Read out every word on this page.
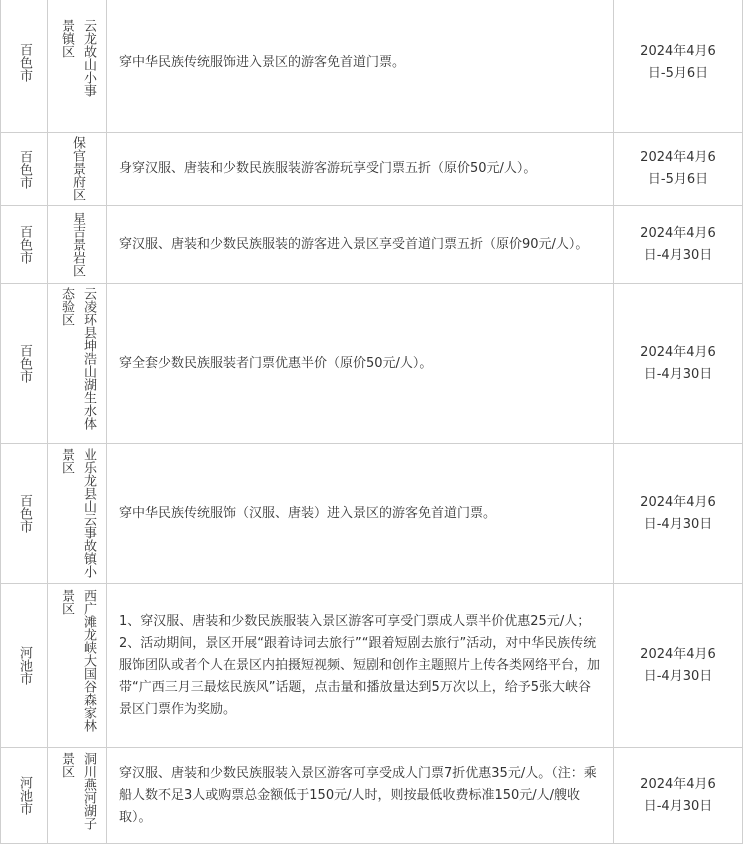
百色市	云龙故山小事景镇区	穿中华民族传统服饰进入景区的游客免首道门票。	2024年4月6
日-5月6日

百色市	保官景府区	身穿汉服、唐装和少数民族服装游客游玩享受门票五折（原价50元/人）。	2024年4月6
日-5月6日

百色市	星吉景岩区	穿汉服、唐装和少数民族服装的游客进入景区享受首道门票五折（原价90元/人）。	2024年4月6
日-4月30日

百色市	云凌环县坤浩山湖生水体态验区	穿全套少数民族服装者门票优惠半价（原价50元/人）。	2024年4月6
日-4月30日

百色市	业乐龙县山云事故镇小景区	穿中华民族传统服饰（汉服、唐装）进入景区的游客免首道门票。	2024年4月6
日-4月30日

河池市	西广滩龙峡大国谷森家林景区	1、穿汉服、唐装和少数民族服装入景区游客可享受门票成人票半价优惠25元/人；2、活动期间，景区开展“跟着诗词去旅行”“跟着短剧去旅行”活动，对中华民族传统服饰团队或者个人在景区内拍摄短视频、短剧和创作主题照片上传各类网络平台，加带“广西三月三最炫民族风”话题，点击量和播放量达到5万次以上，给予5张大峡谷景区门票作为奖励。	2024年4月6
日-4月30日

河池市	洞川燕河湖子景区	穿汉服、唐装和少数民族服装入景区游客可享受成人门票7折优惠35元/人。（注：乘船人数不足3人或购票总金额低于150元/人时，则按最低收费标准150元/人/艘收取）。	2024年4月6
日-4月30日
